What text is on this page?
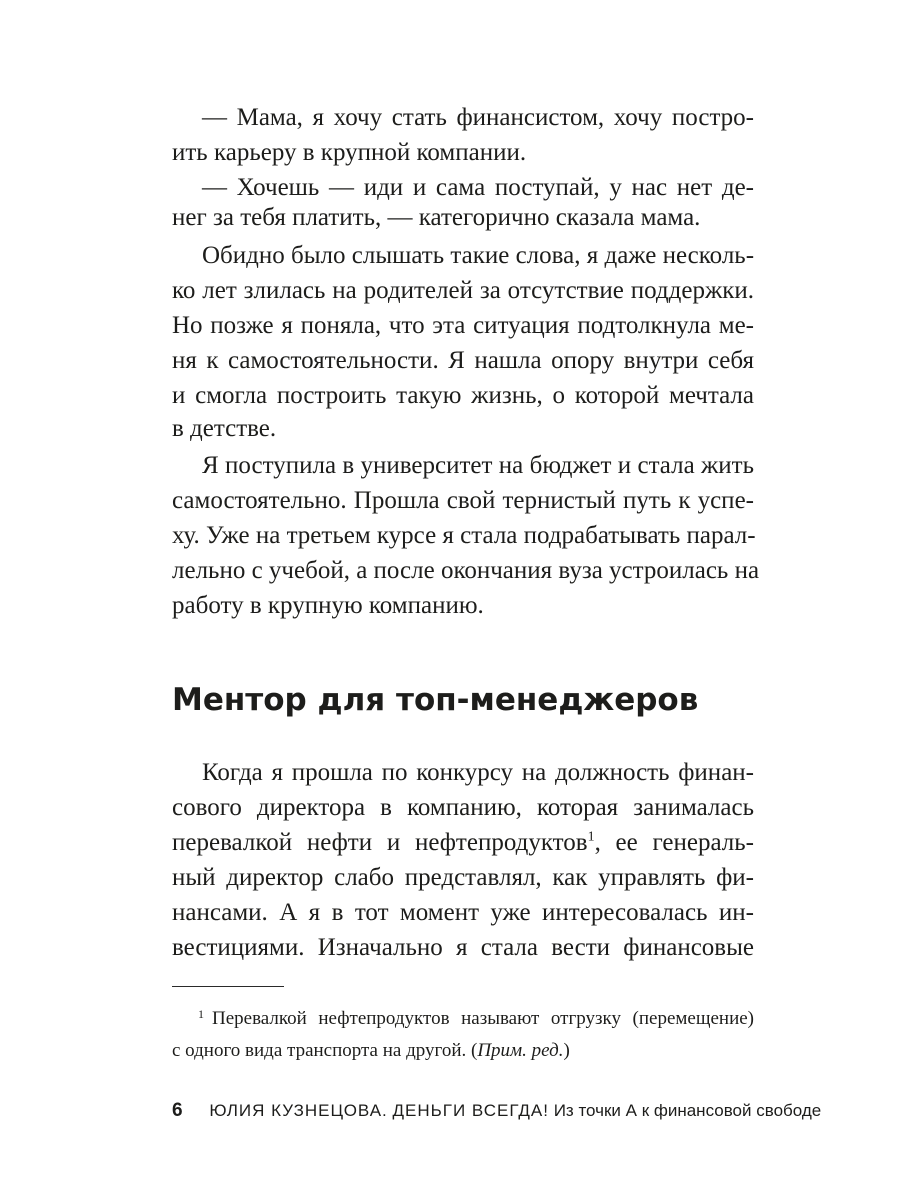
— Мама, я хочу стать финансистом, хочу постро-
ить карьеру в крупной компании.
— Хочешь — иди и сама поступай, у нас нет де-
нег за тебя платить, — категорично сказала мама.
Обидно было слышать такие слова, я даже несколь-
ко лет злилась на родителей за отсутствие поддержки.
Но позже я поняла, что эта ситуация подтолкнула ме-
ня к самостоятельности. Я нашла опору внутри себя
и смогла построить такую жизнь, о которой мечтала
в детстве.
Я поступила в университет на бюджет и стала жить
самостоятельно. Прошла свой тернистый путь к успе-
ху. Уже на третьем курсе я стала подрабатывать парал-
лельно с учебой, а после окончания вуза устроилась на
работу в крупную компанию.
Ментор для топ-менеджеров
Когда я прошла по конкурсу на должность финан-
сового директора в компанию, которая занималась
перевалкой нефти и нефтепродуктов$^1$, ее генераль-
ный директор слабо представлял, как управлять фи-
нансами. А я в тот момент уже интересовалась ин-
вестициями. Изначально я стала вести финансовые
1 Перевалкой нефтепродуктов называют отгрузку (перемещение)
с одного вида транспорта на другой. (Прим. ред.)
6 ЮЛИЯ КУЗНЕЦОВА. ДЕНЬГИ ВСЕГДА! Из точки А к финансовой свободе
